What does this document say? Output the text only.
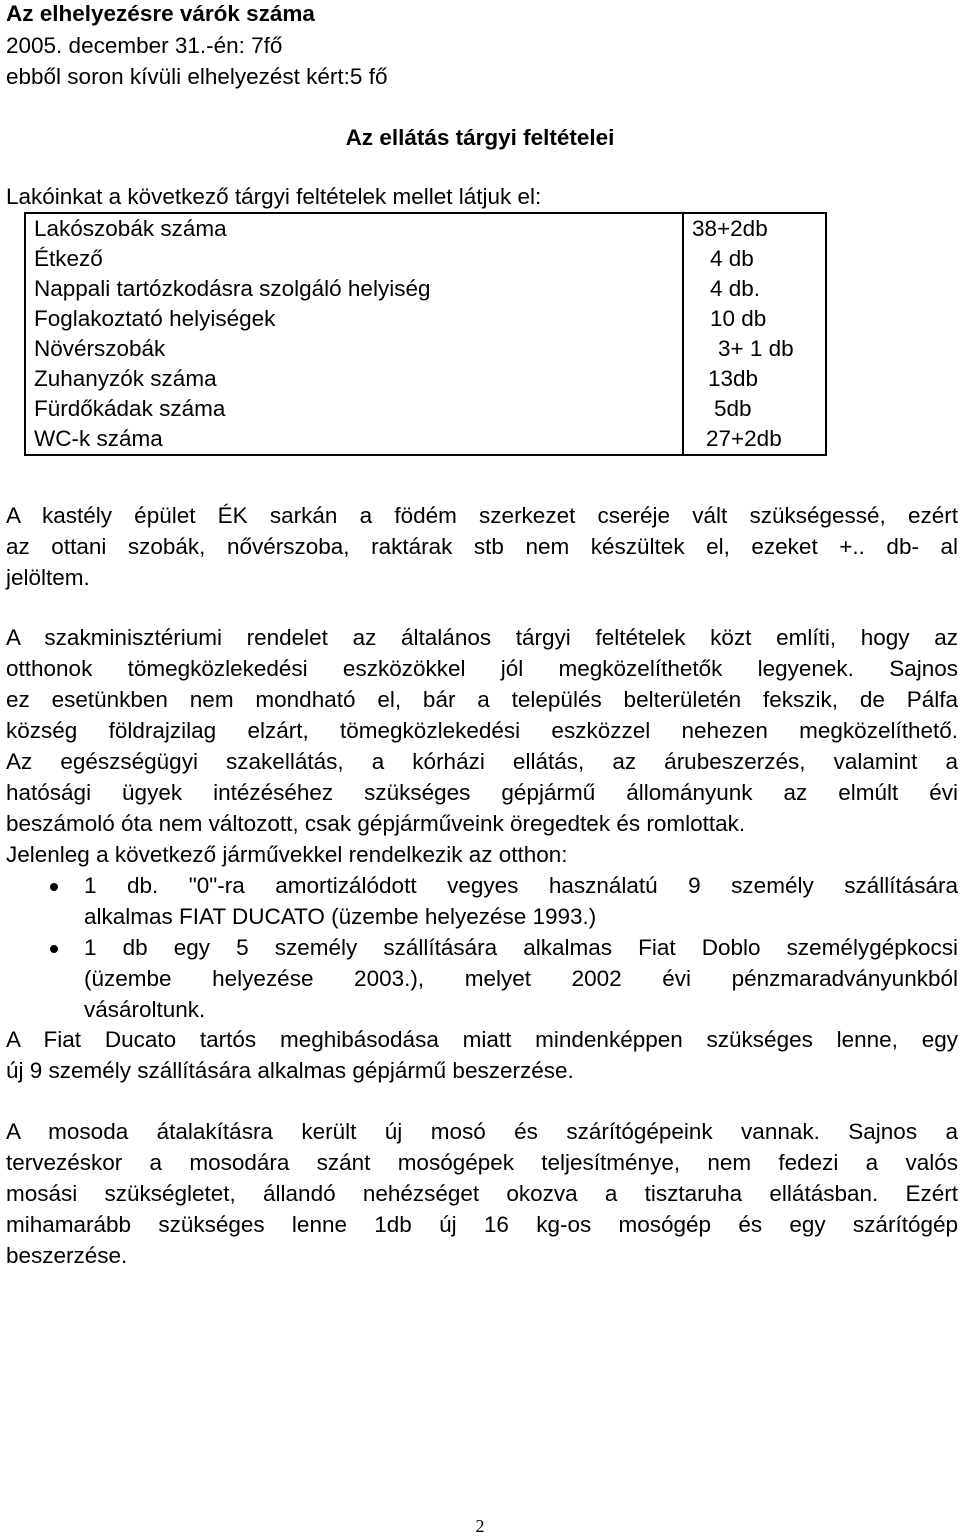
Az elhelyezésre várók száma
2005. december 31.-én: 7fő
ebből soron kívüli elhelyezést kért:5 fő
Az ellátás tárgyi feltételei
Lakóinkat a következő tárgyi feltételek mellet látjuk el:
Lakószobák száma	38+2db
Étkező	4 db
Nappali tartózkodásra szolgáló helyiség	4 db.
Foglakoztató helyiségek	10 db
Növérszobák	3+ 1 db
Zuhanyzók száma	13db
Fürdőkádak száma	5db
WC-k száma	27+2db
A kastély épület ÉK sarkán a födém szerkezet cseréje vált szükségessé, ezért
az ottani szobák, nővérszoba, raktárak stb nem készültek el, ezeket +.. db- al
jelöltem.
A szakminisztériumi rendelet az általános tárgyi feltételek közt említi, hogy az
otthonok tömegközlekedési eszközökkel jól megközelíthetők legyenek. Sajnos
ez esetünkben nem mondható el, bár a település belterületén fekszik, de Pálfa
község földrajzilag elzárt, tömegközlekedési eszközzel nehezen megközelíthető.
Az egészségügyi szakellátás, a kórházi ellátás, az árubeszerzés, valamint a
hatósági ügyek intézéséhez szükséges gépjármű állományunk az elmúlt évi
beszámoló óta nem változott, csak gépjárműveink öregedtek és romlottak.
Jelenleg a következő járművekkel rendelkezik az otthon:
1 db. "0"-ra amortizálódott vegyes használatú 9 személy szállítására
alkalmas FIAT DUCATO (üzembe helyezése 1993.)
1 db egy 5 személy szállítására alkalmas Fiat Doblo személygépkocsi
(üzembe helyezése 2003.), melyet 2002 évi pénzmaradványunkból
vásároltunk.
A Fiat Ducato tartós meghibásodása miatt mindenképpen szükséges lenne, egy
új 9 személy szállítására alkalmas gépjármű beszerzése.
A mosoda átalakításra került új mosó és szárítógépeink vannak. Sajnos a
tervezéskor a mosodára szánt mosógépek teljesítménye, nem fedezi a valós
mosási szükségletet, állandó nehézséget okozva a tisztaruha ellátásban. Ezért
mihamarább szükséges lenne 1db új 16 kg-os mosógép és egy szárítógép
beszerzése.
2
